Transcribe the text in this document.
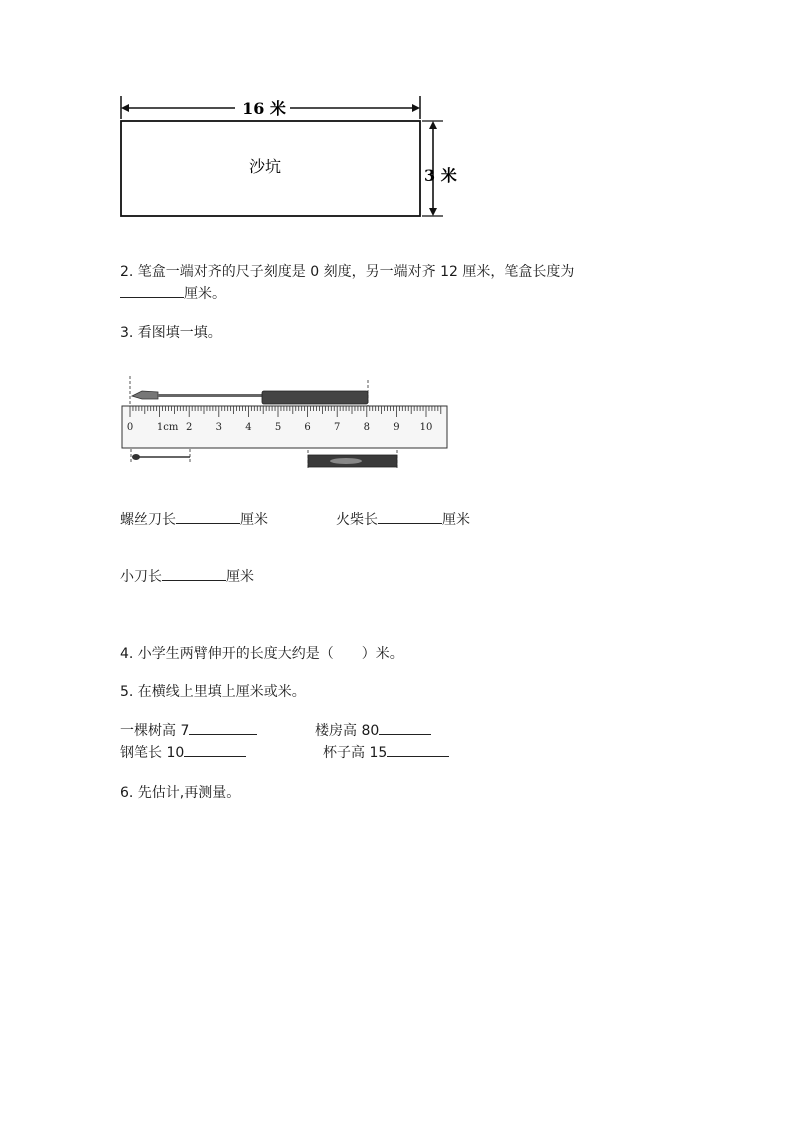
16 米
沙坑	3 米
2. 笔盒一端对齐的尺子刻度是 0 刻度，另一端对齐 12 厘米，笔盒长度为
厘米。
3. 看图填一填。
0 1cm 2 3 4 5 6 7 8 9 10
螺丝刀长	厘米	火柴长	厘米
小刀长	厘米
4. 小学生两臂伸开的长度大约是（　　）米。
5. 在横线上里填上厘米或米。
一棵树高 7	楼房高 80
钢笔长 10	杯子高 15
6. 先估计,再测量。
